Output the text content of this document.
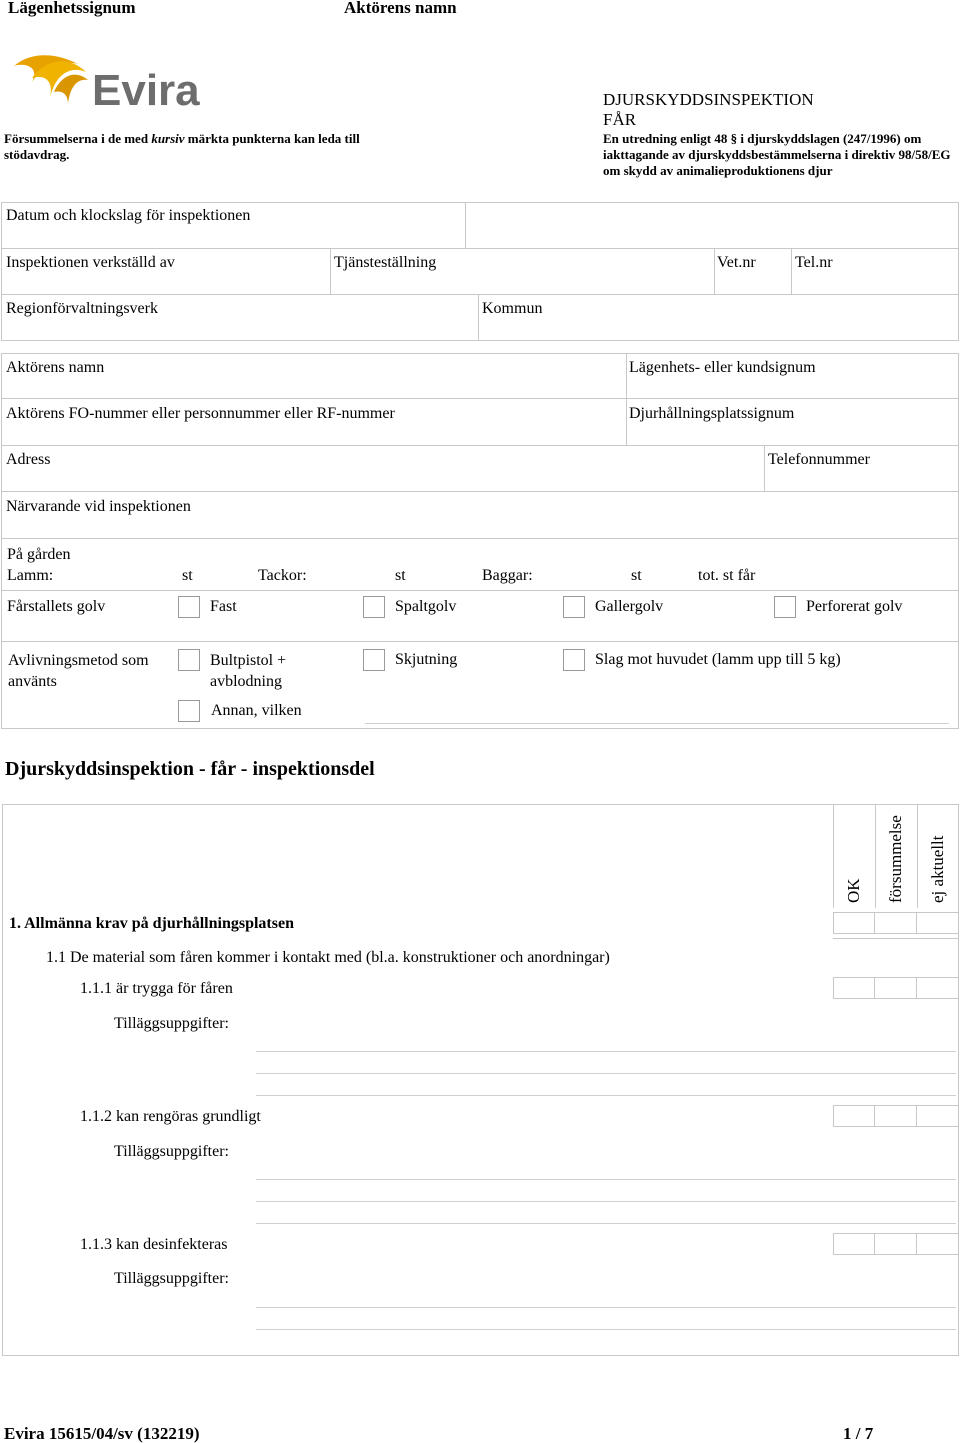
Lägenhetssignum	Aktörens namn
Evira
Försummelserna i de med kursiv märkta punkterna kan leda till stödavdrag.
DJURSKYDDSINSPEKTION
FÅR
En utredning enligt 48 § i djurskyddslagen (247/1996) om iakttagande av djurskyddsbestämmelserna i direktiv 98/58/EG om skydd av animalieproduktionens djur
Datum och klockslag för inspektionen
Inspektionen verkställd av	Tjänsteställning	Vet.nr Tel.nr
Regionförvaltningsverk	Kommun
Aktörens namn	Lägenhets- eller kundsignum
Aktörens FO-nummer eller personnummer eller RF-nummer	Djurhållningsplatssignum
Adress	Telefonnummer
Närvarande vid inspektionen
På gården
Lamm:	st	Tackor:	st	Baggar:	st	tot. st får
Fårstallets golv	Fast	Spaltgolv	Gallergolv	Perforerat golv
Avlivningsmetod som använts
Bultpistol + avblodning
Skjutning	Slag mot huvudet (lamm upp till 5 kg)
Annan, vilken
Djurskyddsinspektion - får - inspektionsdel
OK försummelse ej aktuellt
1. Allmänna krav på djurhållningsplatsen
1.1 De material som fåren kommer i kontakt med (bl.a. konstruktioner och anordningar)
1.1.1 är trygga för fåren
Tilläggsuppgifter:
1.1.2 kan rengöras grundligt
Tilläggsuppgifter:
1.1.3 kan desinfekteras
Tilläggsuppgifter:
Evira 15615/04/sv (132219)	1 / 7
